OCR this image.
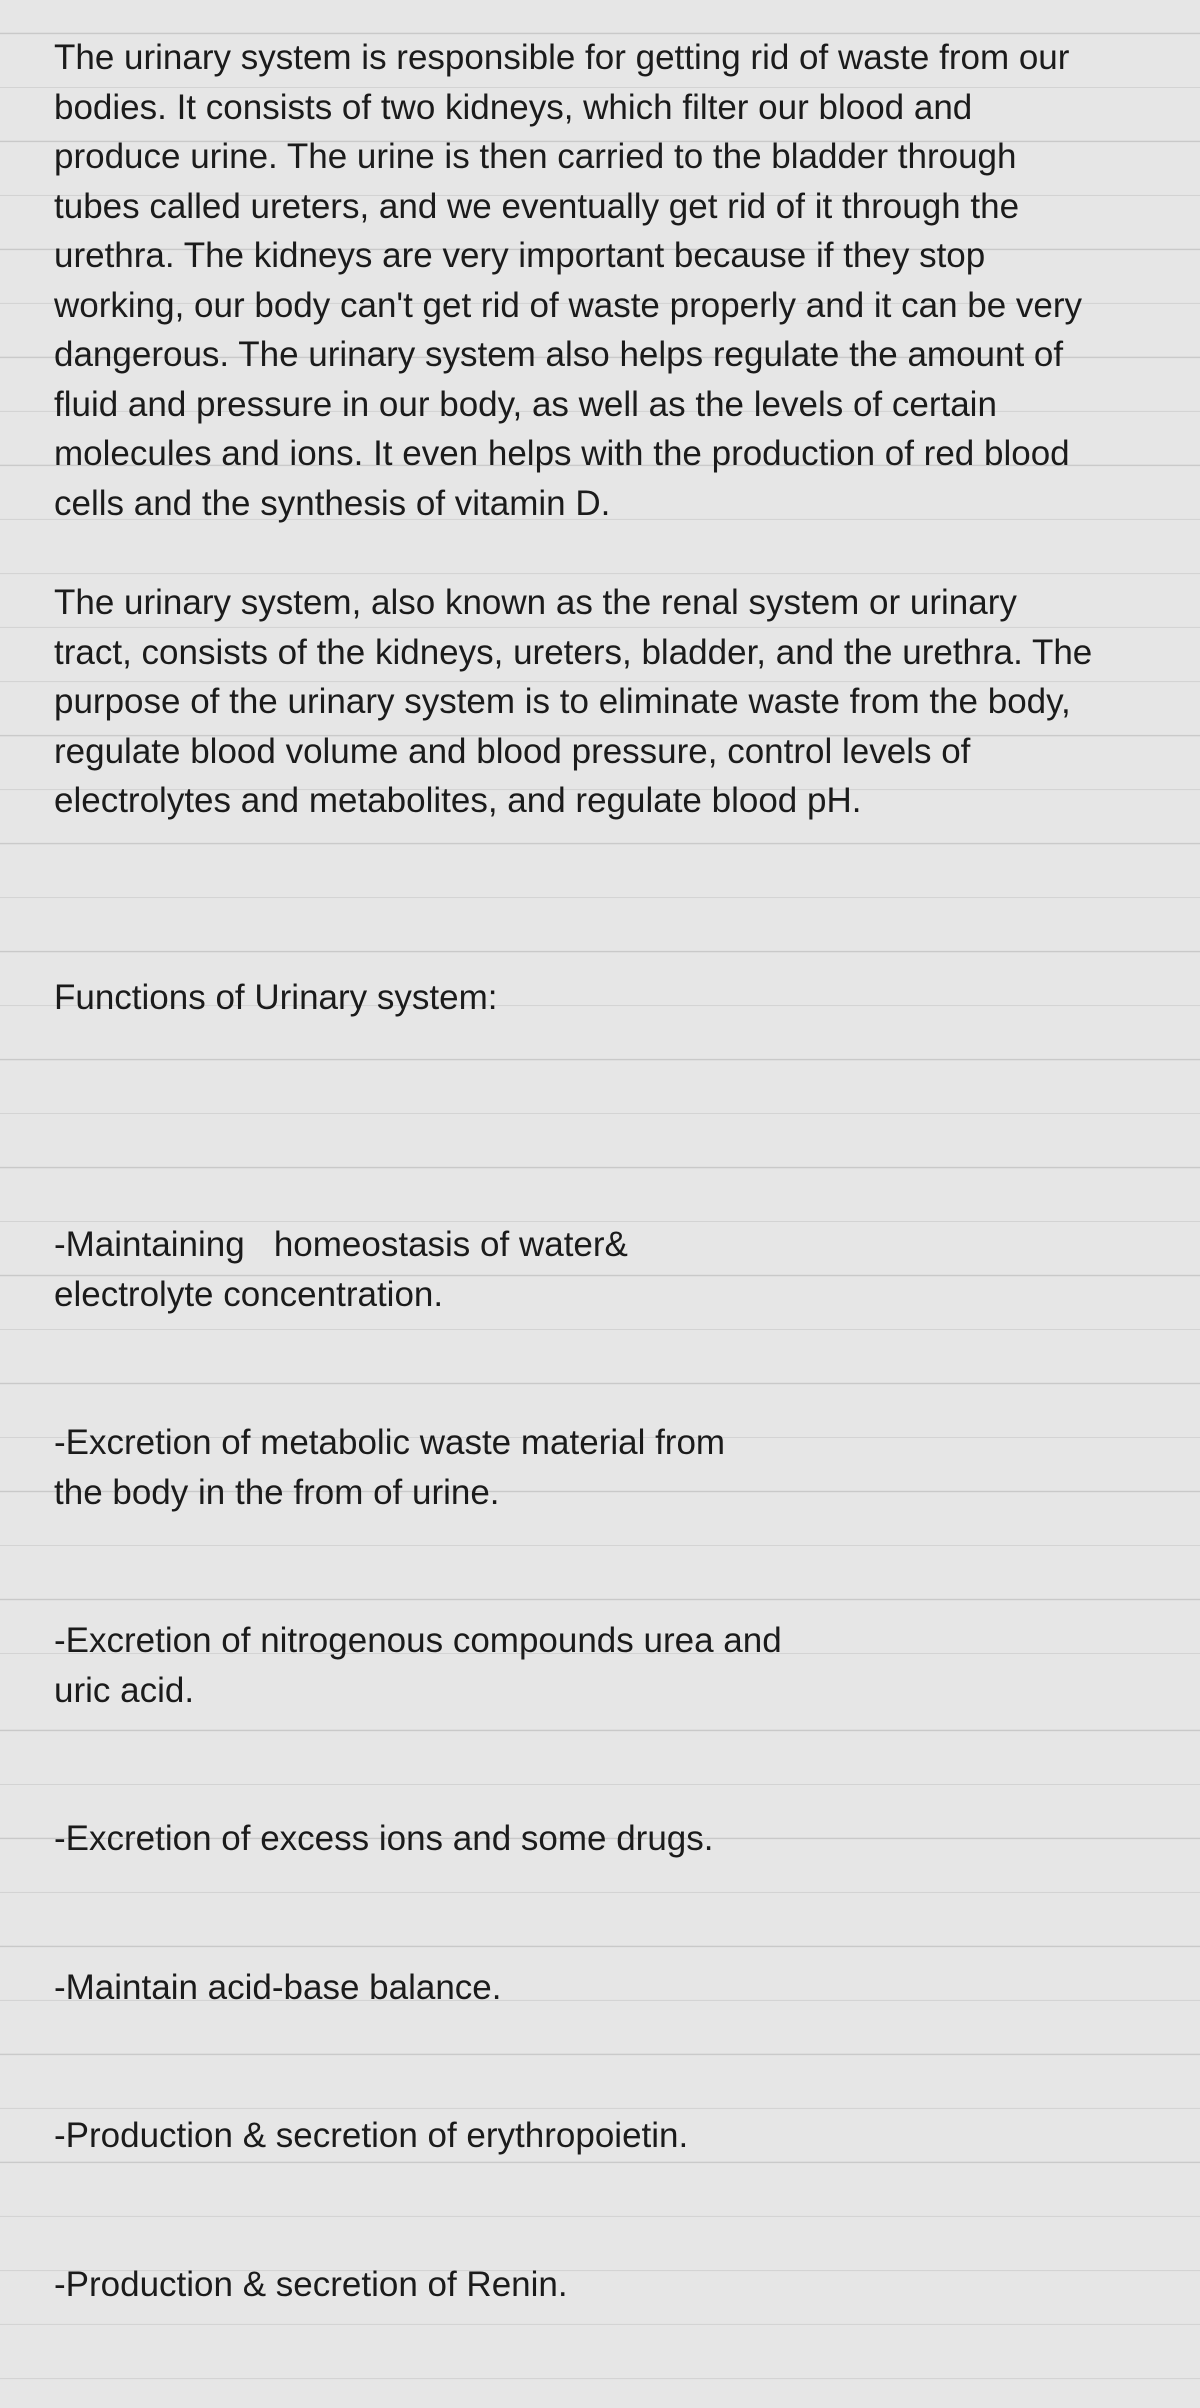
The urinary system is responsible for getting rid of waste from our
bodies. It consists of two kidneys, which filter our blood and
produce urine. The urine is then carried to the bladder through
tubes called ureters, and we eventually get rid of it through the
urethra. The kidneys are very important because if they stop
working, our body can't get rid of waste properly and it can be very
dangerous. The urinary system also helps regulate the amount of
fluid and pressure in our body, as well as the levels of certain
molecules and ions. It even helps with the production of red blood
cells and the synthesis of vitamin D.

The urinary system, also known as the renal system or urinary
tract, consists of the kidneys, ureters, bladder, and the urethra. The
purpose of the urinary system is to eliminate waste from the body,
regulate blood volume and blood pressure, control levels of
electrolytes and metabolites, and regulate blood pH.

Functions of Urinary system:

-Maintaining   homeostasis of water&
electrolyte concentration.

-Excretion of metabolic waste material from
the body in the from of urine.

-Excretion of nitrogenous compounds urea and
uric acid.

-Excretion of excess ions and some drugs.

-Maintain acid-base balance.

-Production & secretion of erythropoietin.

-Production & secretion of Renin.
